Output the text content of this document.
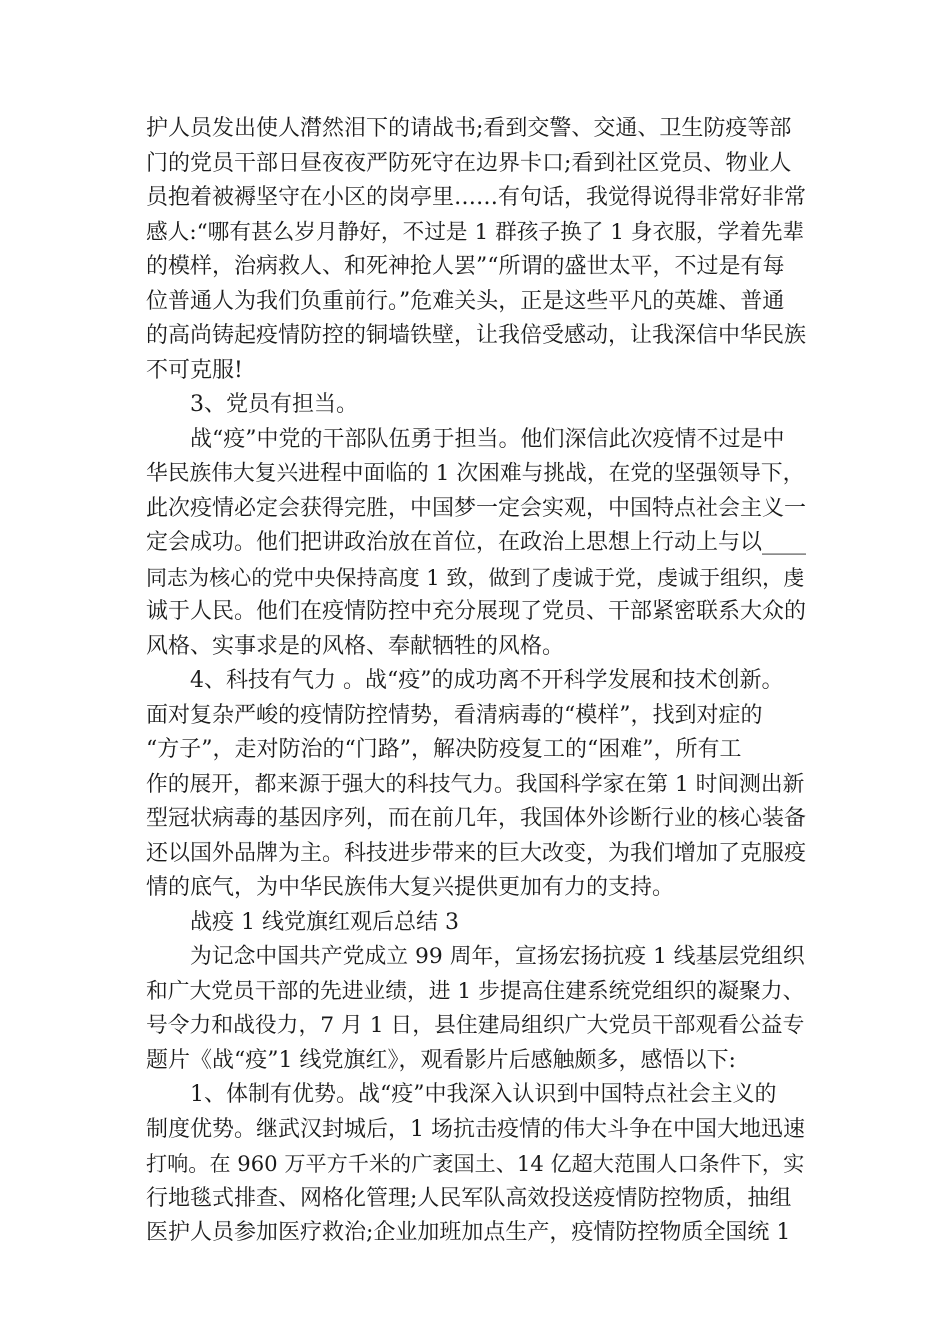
护人员发出使人潸然泪下的请战书;看到交警、交通、卫生防疫等部
门的党员干部日昼夜夜严防死守在边界卡口;看到社区党员、物业人
员抱着被褥坚守在小区的岗亭里……有句话，我觉得说得非常好非常
感人:“哪有甚么岁月静好，不过是 1 群孩子换了 1 身衣服，学着先辈
的模样，治病救人、和死神抢人罢”“所谓的盛世太平，不过是有每
位普通人为我们负重前行。”危难关头，正是这些平凡的英雄、普通
的高尚铸起疫情防控的铜墙铁壁，让我倍受感动，让我深信中华民族
不可克服!
3、党员有担当。
战“疫”中党的干部队伍勇于担当。他们深信此次疫情不过是中
华民族伟大复兴进程中面临的 1 次困难与挑战，在党的坚强领导下，
此次疫情必定会获得完胜，中国梦一定会实观，中国特点社会主义一
定会成功。他们把讲政治放在首位，在政治上思想上行动上与以____
同志为核心的党中央保持高度 1 致，做到了虔诚于党，虔诚于组织，虔
诚于人民。他们在疫情防控中充分展现了党员、干部紧密联系大众的
风格、实事求是的风格、奉献牺牲的风格。
4、科技有气力 。战“疫”的成功离不开科学发展和技术创新。
面对复杂严峻的疫情防控情势，看清病毒的“模样”，找到对症的
“方子”，走对防治的“门路”，解决防疫复工的“困难”，所有工
作的展开，都来源于强大的科技气力。我国科学家在第 1 时间测出新
型冠状病毒的基因序列，而在前几年，我国体外诊断行业的核心装备
还以国外品牌为主。科技进步带来的巨大改变，为我们增加了克服疫
情的底气，为中华民族伟大复兴提供更加有力的支持。
战疫 1 线党旗红观后总结 3
为记念中国共产党成立 99 周年，宣扬宏扬抗疫 1 线基层党组织
和广大党员干部的先进业绩，进 1 步提高住建系统党组织的凝聚力、
号令力和战役力，7 月 1 日，县住建局组织广大党员干部观看公益专
题片《战“疫”1 线党旗红》，观看影片后感触颇多，感悟以下:
1、体制有优势。战“疫”中我深入认识到中国特点社会主义的
制度优势。继武汉封城后，1 场抗击疫情的伟大斗争在中国大地迅速
打响。在 960 万平方千米的广袤国土、14 亿超大范围人口条件下，实
行地毯式排查、网格化管理;人民军队高效投送疫情防控物质，抽组
医护人员参加医疗救治;企业加班加点生产，疫情防控物质全国统 1
